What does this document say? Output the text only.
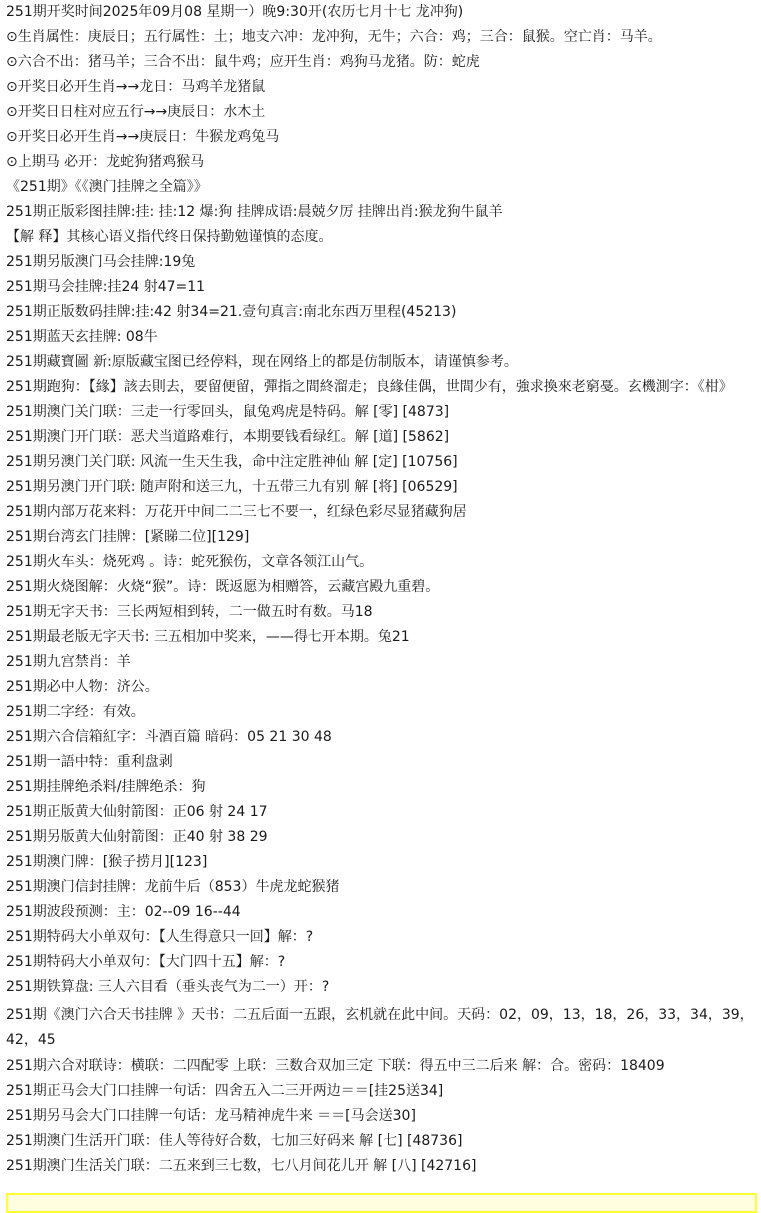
251期开奖时间2025年09月08 星期一）晚9:30开(农历七月十七 龙冲狗)
⊙生肖属性：庚辰日；五行属性：土；地支六冲：龙冲狗，无牛；六合：鸡；三合：鼠猴。空亡肖：马羊。
⊙六合不出：猪马羊；三合不出：鼠牛鸡；应开生肖：鸡狗马龙猪。防：蛇虎
⊙开奖日必开生肖→→龙日：马鸡羊龙猪鼠
⊙开奖日日柱对应五行→→庚辰日：水木土
⊙开奖日必开生肖→→庚辰日：牛猴龙鸡兔马
⊙上期马 必开：龙蛇狗猪鸡猴马
《251期》《《澳门挂牌之全篇》》
251期正版彩图挂牌:挂: 挂:12 爆:狗 挂牌成语:晨兢夕厉 挂牌出肖:猴龙狗牛鼠羊
【解 释】其核心语义指代终日保持勤勉谨慎的态度。
251期另版澳门马会挂牌:19兔
251期马会挂牌:挂24 射47=11
251期正版数码挂牌:挂:42 射34=21.壹句真言:南北东西万里程(45213)
251期蓝天玄挂牌: 08牛
251期藏寶圖 新:原版藏宝图已经停料，现在网络上的都是仿制版本，请谨慎参考。
251期跑狗：【緣】該去則去，要留便留，彈指之間終溜走；良緣佳偶，世間少有，強求換來老窮戞。玄機測字：《柑》
251期澳门关门联：三走一行零回头，鼠兔鸡虎是特码。解 [零] [4873]
251期澳门开门联：恶犬当道路难行，本期要钱看绿红。解 [道] [5862]
251期另澳门关门联: 风流一生天生我，命中注定胜神仙 解 [定] [10756]
251期另澳门开门联: 随声附和送三九，十五带三九有别 解 [将] [06529]
251期内部万花来料：万花开中间二二三七不要一，红绿色彩尽显猪藏狗居
251期台湾玄门挂牌：[紧睇二位][129]
251期火车头：烧死鸡 。诗：蛇死猴伤，文章各领江山气。
251期火烧图解：火烧“猴”。诗：既返愿为相赠答，云藏宫殿九重碧。
251期无字天书：三长两短相到转，二一做五时有数。马18
251期最老版无字天书: 三五相加中奖来，——得七开本期。兔21
251期九宫禁肖：羊
251期必中人物：济公。
251期二字经：有效。
251期六合信箱紅字：斗酒百篇 暗码：05 21 30 48
251期一語中特：重利盘剥
251期挂牌绝杀料/挂牌绝杀：狗
251期正版黄大仙射箭图：正06 射 24 17
251期另版黄大仙射箭图：正40 射 38 29
251期澳门牌：[猴子捞月][123]
251期澳门信封挂牌：龙前牛后（853）牛虎龙蛇猴猪
251期波段预测：主：02--09 16--44
251期特码大小单双句：【人生得意只一回】解：?
251期特码大小单双句：【大门四十五】解：?
251期铁算盘: 三人六目看（垂头丧气为二一）开：?
251期《澳门六合天书挂牌 》天书：二五后面一五跟，玄机就在此中间。天码：02，09，13，18，26，33，34，39，42，45
251期六合对联诗：横联：二四配零 上联：三数合双加三定 下联：得五中三二后来 解：合。密码：18409
251期正马会大门口挂牌一句话：四舍五入二三开两边＝＝[挂25送34]
251期另马会大门口挂牌一句话：龙马精神虎牛来 ＝＝[马会送30]
251期澳门生活开门联：佳人等待好合数，七加三好码来 解 [七] [48736]
251期澳门生活关门联：二五来到三七数，七八月间花儿开 解 [八] [42716]
